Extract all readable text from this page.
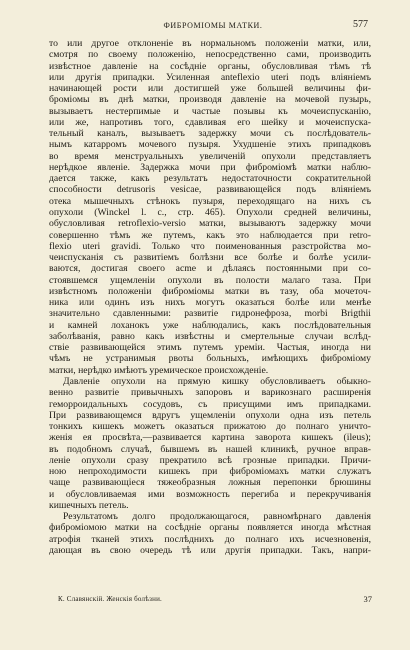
ФИБРОМІОМЫ МАТКИ.	577
то или другое отклоненіе въ нормальномъ положеніи матки, или,
смотря по своему положенію, непосредственно сами, производить
извѣстное давленіе на сосѣдніе органы, обусловливая тѣмъ тѣ
или другія припадки. Усиленная anteflexio uteri подъ вліяніемъ
начинающей рости или достигшей уже большей величины фи-
броміомы въ днѣ матки, производя давленіе на мочевой пузырь,
вызываетъ нестерпимые и частые позывы къ мочеиспусканію,
или же, напротивъ того, сдавливая его шейку и мочеиспуска-
тельный каналъ, вызываетъ задержку мочи съ послѣдователь-
нымъ катарромъ мочевого пузыря. Ухудшеніе этихъ припадковъ
во время менструальныхъ увеличеній опухоли представляетъ
нерѣдкое явленіе. Задержка мочи при фиброміомѣ матки наблю-
дается также, какъ результатъ недостаточности сократительной
способности detrusoris vesicae, развивающейся подъ вліяніемъ
отека мышечныхъ стѣнокъ пузыря, переходящаго на нихъ съ
опухоли (Winckel l. c., стр. 465). Опухоли средней величины,
обусловливая retroflexio-versio матки, вызываютъ задержку мочи
совершенно тѣмъ же путемъ, какъ это наблюдается при retro-
flexio uteri gravidi. Только что поименованныя разстройства мо-
чеиспусканія съ развитіемъ болѣзни все болѣе и болѣе усили-
ваются, достигая своего acme и дѣлаясь постоянными при со-
стоявшемся ущемленіи опухоли въ полости малаго таза. При
извѣстномъ положеніи фиброміомы матки въ тазу, оба мочеточ-
ника или одинъ изъ нихъ могутъ оказаться болѣе или менѣе
значительно сдавленными: развитіе гидронефроза, morbi Brigthii
и камней лоханокъ уже наблюдались, какъ послѣдовательныя
заболѣванія, равно какъ извѣстны и смертельные случаи вслѣд-
ствіе развивающейся этимъ путемъ уреміи. Частыя, иногда ни
чѣмъ не устранимыя рвоты больныхъ, имѣющихъ фиброміому
матки, нерѣдко имѣютъ уремическое происхожденіе.
Давленіе опухоли на прямую кишку обусловливаетъ обыкно-
венно развитіе привычныхъ запоровъ и варикознаго расширенія
геморроидальныхъ сосудовъ, съ присущими имъ припадками.
При развивающемся вдругъ ущемленіи опухоли одна изъ петель
тонкихъ кишекъ можетъ оказаться прижатою до полнаго уничто-
женія ея просвѣта,—развивается картина заворота кишекъ (ileus);
въ подобномъ случаѣ, бывшемъ въ нашей клиникѣ, ручное вправ-
леніе опухоли сразу прекратило всѣ грозные припадки. Причи-
ною непроходимости кишекъ при фиброміомахъ матки служатъ
чаще развивающіеся тяжеобразныя ложныя перепонки брюшины
и обусловливаемая ими возможность перегиба и перекручиванія
кишечныхъ петель.
Результатомъ долго продолжающагося, равномѣрнаго давленія
фиброміомою матки на сосѣдніе органы появляется иногда мѣстная
атрофія тканей этихъ послѣднихъ до полнаго ихъ исчезновенія,
дающая въ свою очередь тѣ или другія припадки. Такъ, напри-
К. Славянскій. Женскія болѣзни.	37
